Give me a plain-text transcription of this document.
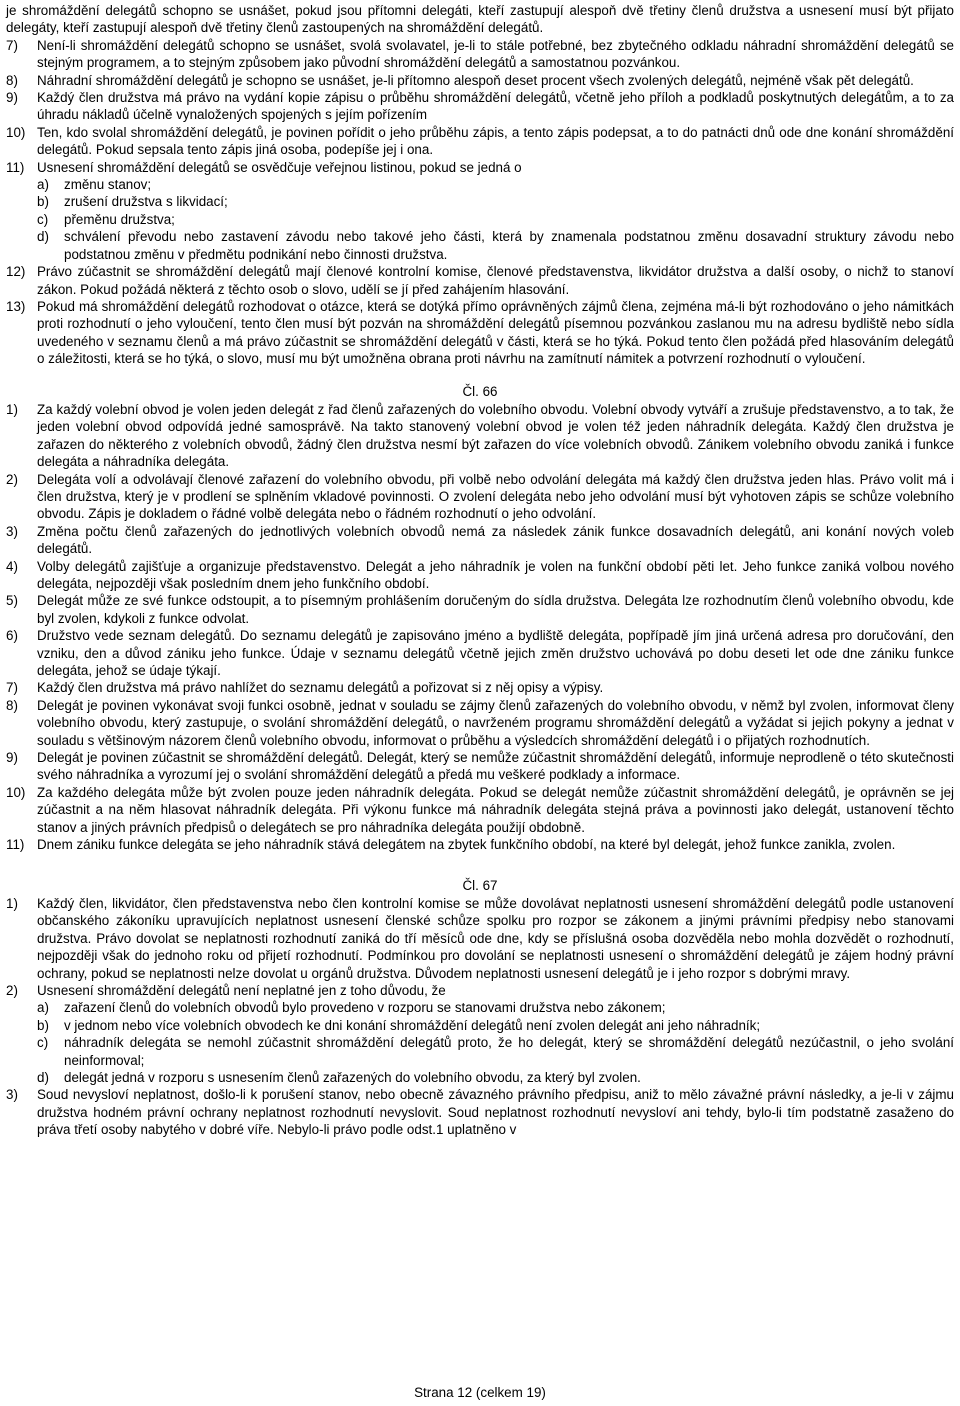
je shromáždění delegátů schopno se usnášet, pokud jsou přítomni delegáti, kteří zastupují alespoň dvě třetiny členů družstva a usnesení musí být přijato delegáty, kteří zastupují alespoň dvě třetiny členů zastoupených na shromáždění delegátů.

7)	Není-li shromáždění delegátů schopno se usnášet, svolá svolavatel, je-li to stále potřebné, bez zbytečného odkladu náhradní shromáždění delegátů se stejným programem, a to stejným způsobem jako původní shromáždění delegátů a samostatnou pozvánkou.
8)	Náhradní shromáždění delegátů je schopno se usnášet, je-li přítomno alespoň deset procent všech zvolených delegátů, nejméně však pět delegátů.
9)	Každý člen družstva má právo na vydání kopie zápisu o průběhu shromáždění delegátů, včetně jeho příloh a podkladů poskytnutých delegátům, a to za úhradu nákladů účelně vynaložených spojených s jejím pořízením
10) Ten, kdo svolal shromáždění delegátů, je povinen pořídit o jeho průběhu zápis, a tento zápis podepsat, a to do patnácti dnů ode dne konání shromáždění delegátů. Pokud sepsala tento zápis jiná osoba, podepíše jej i ona.
11) Usnesení shromáždění delegátů se osvědčuje veřejnou listinou, pokud se jedná o
a)	změnu stanov;
b)	zrušení družstva s likvidací;
c)	přeměnu družstva;
d)	schválení převodu nebo zastavení závodu nebo takové jeho části, která by znamenala podstatnou změnu dosavadní struktury závodu nebo podstatnou změnu v předmětu podnikání nebo činnosti družstva.
12) Právo zúčastnit se shromáždění delegátů mají členové kontrolní komise, členové představenstva, likvidátor družstva a další osoby, o nichž to stanoví zákon. Pokud požádá některá z těchto osob o slovo, udělí se jí před zahájením hlasování.
13) Pokud má shromáždění delegátů rozhodovat o otázce, která se dotýká přímo oprávněných zájmů člena, zejména má-li být rozhodováno o jeho námitkách proti rozhodnutí o jeho vyloučení, tento člen musí být pozván na shromáždění delegátů písemnou pozvánkou zaslanou mu na adresu bydliště nebo sídla uvedeného v seznamu členů a má právo zúčastnit se shromáždění delegátů v části, která se ho týká. Pokud tento člen požádá před hlasováním delegátů o záležitosti, která se ho týká, o slovo, musí mu být umožněna obrana proti návrhu na zamítnutí námitek a potvrzení rozhodnutí o vyloučení.
Čl. 66
1)	Za každý volební obvod je volen jeden delegát z řad členů zařazených do volebního obvodu. Volební obvody vytváří a zrušuje představenstvo, a to tak, že jeden volební obvod odpovídá jedné samosprávě. Na takto stanovený volební obvod je volen též jeden náhradník delegáta. Každý člen družstva je zařazen do některého z volebních obvodů, žádný člen družstva nesmí být zařazen do více volebních obvodů. Zánikem volebního obvodu zaniká i funkce delegáta a náhradníka delegáta.
2)	Delegáta volí a odvolávají členové zařazení do volebního obvodu, při volbě nebo odvolání delegáta má každý člen družstva jeden hlas. Právo volit má i člen družstva, který je v prodlení se splněním vkladové povinnosti. O zvolení delegáta nebo jeho odvolání musí být vyhotoven zápis se schůze volebního obvodu. Zápis je dokladem o řádné volbě delegáta nebo o řádném rozhodnutí o jeho odvolání.
3)	Změna počtu členů zařazených do jednotlivých volebních obvodů nemá za následek zánik funkce dosavadních delegátů, ani konání nových voleb delegátů.
4)	Volby delegátů zajišťuje a organizuje představenstvo. Delegát a jeho náhradník je volen na funkční období pěti let. Jeho funkce zaniká volbou nového delegáta, nejpozději však posledním dnem jeho funkčního období.
5)	Delegát může ze své funkce odstoupit, a to písemným prohlášením doručeným do sídla družstva. Delegáta lze rozhodnutím členů volebního obvodu, kde byl zvolen, kdykoli z funkce odvolat.
6)	Družstvo vede seznam delegátů. Do seznamu delegátů je zapisováno jméno a bydliště delegáta, popřípadě jím jiná určená adresa pro doručování, den vzniku, den a důvod zániku jeho funkce. Údaje v seznamu delegátů včetně jejich změn družstvo uchovává po dobu deseti let ode dne zániku funkce delegáta, jehož se údaje týkají.
7)	Každý člen družstva má právo nahlížet do seznamu delegátů a pořizovat si z něj opisy a výpisy.
8)	Delegát je povinen vykonávat svoji funkci osobně, jednat v souladu se zájmy členů zařazených do volebního obvodu, v němž byl zvolen, informovat členy volebního obvodu, který zastupuje, o svolání shromáždění delegátů, o navrženém programu shromáždění delegátů a vyžádat si jejich pokyny a jednat v souladu s většinovým názorem členů volebního obvodu, informovat o průběhu a výsledcích shromáždění delegátů i o přijatých rozhodnutích.
9)	Delegát je povinen zúčastnit se shromáždění delegátů. Delegát, který se nemůže zúčastnit shromáždění delegátů, informuje neprodleně o této skutečnosti svého náhradníka a vyrozumí jej o svolání shromáždění delegátů a předá mu veškeré podklady a informace.
10) Za každého delegáta může být zvolen pouze jeden náhradník delegáta. Pokud se delegát nemůže zúčastnit shromáždění delegátů, je oprávněn se jej zúčastnit a na něm hlasovat náhradník delegáta. Při výkonu funkce má náhradník delegáta stejná práva a povinnosti jako delegát, ustanovení těchto stanov a jiných právních předpisů o delegátech se pro náhradníka delegáta použijí obdobně.
11) Dnem zániku funkce delegáta se jeho náhradník stává delegátem na zbytek funkčního období, na které byl delegát, jehož funkce zanikla, zvolen.
Čl. 67
1)	Každý člen, likvidátor, člen představenstva nebo člen kontrolní komise se může dovolávat neplatnosti usnesení shromáždění delegátů podle ustanovení občanského zákoníku upravujících neplatnost usnesení členské schůze spolku pro rozpor se zákonem a jinými právními předpisy nebo stanovami družstva. Právo dovolat se neplatnosti rozhodnutí zaniká do tří měsíců ode dne, kdy se příslušná osoba dozvěděla nebo mohla dozvědět o rozhodnutí, nejpozději však do jednoho roku od přijetí rozhodnutí. Podmínkou pro dovolání se neplatnosti usnesení o shromáždění delegátů je zájem hodný právní ochrany, pokud se neplatnosti nelze dovolat u orgánů družstva. Důvodem neplatnosti usnesení delegátů je i jeho rozpor s dobrými mravy.
2)	Usnesení shromáždění delegátů není neplatné jen z toho důvodu, že
a)	zařazení členů do volebních obvodů bylo provedeno v rozporu se stanovami družstva nebo zákonem;
b)	v jednom nebo více volebních obvodech ke dni konání shromáždění delegátů není zvolen delegát ani jeho náhradník;
c)	náhradník delegáta se nemohl zúčastnit shromáždění delegátů proto, že ho delegát, který se shromáždění delegátů nezúčastnil, o jeho svolání neinformoval;
d)	delegát jedná v rozporu s usnesením členů zařazených do volebního obvodu, za který byl zvolen.
3)	Soud nevysloví neplatnost, došlo-li k porušení stanov, nebo obecně závazného právního předpisu, aniž to mělo závažné právní následky, a je-li v zájmu družstva hodném právní ochrany neplatnost rozhodnutí nevyslovit. Soud neplatnost rozhodnutí nevysloví ani tehdy, bylo-li tím podstatně zasaženo do práva třetí osoby nabytého v dobré víře. Nebylo-li právo podle odst.1 uplatněno v
Strana 12 (celkem 19)
